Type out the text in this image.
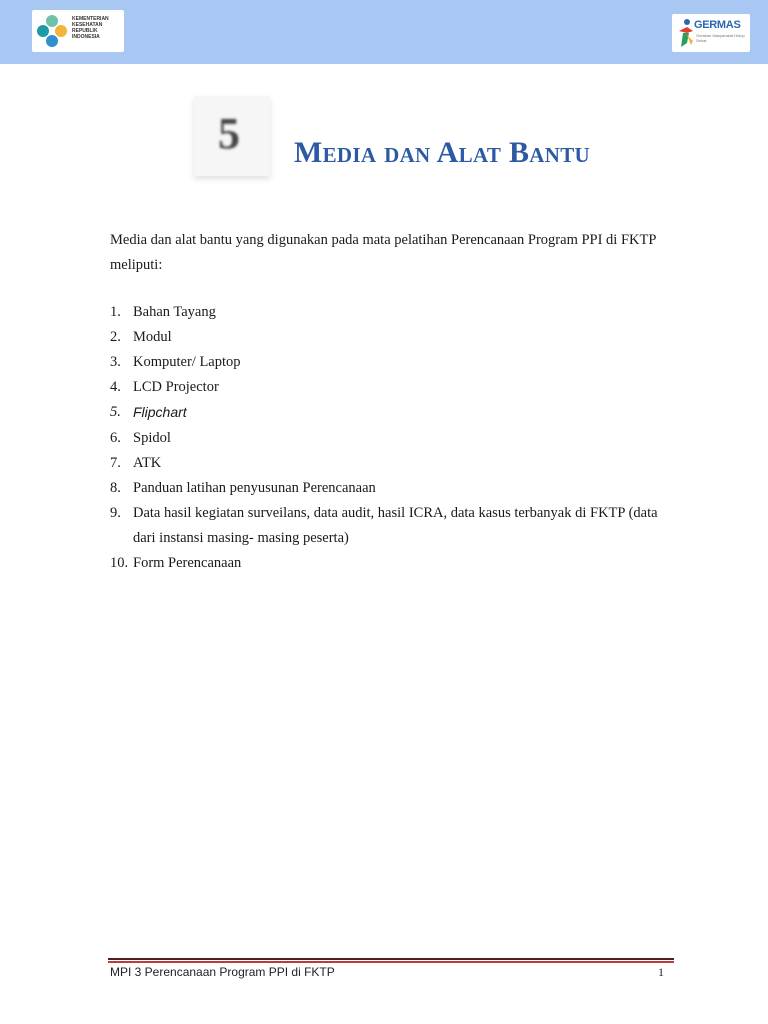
KEMENTERIAN KESEHATAN REPUBLIK INDONESIA
GERMAS
Gerakan Masyarakat Hidup Sehat
5	Media dan Alat Bantu
Media dan alat bantu yang digunakan pada mata pelatihan Perencanaan Program PPI di FKTP meliputi:
1. Bahan Tayang
2. Modul
3. Komputer/ Laptop
4. LCD Projector
5. Flipchart
6. Spidol
7. ATK
8. Panduan latihan penyusunan Perencanaan
9. Data hasil kegiatan surveilans, data audit, hasil ICRA, data kasus terbanyak di FKTP (data dari instansi masing- masing peserta)
10. Form Perencanaan
MPI 3 Perencanaan Program PPI di FKTP	1
